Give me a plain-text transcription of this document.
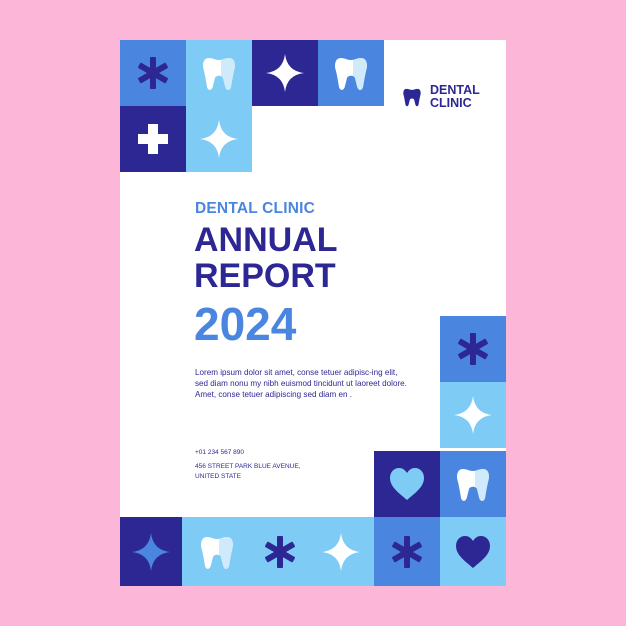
DENTAL CLINIC
DENTAL CLINIC
ANNUAL REPORT
2024
Lorem ipsum dolor sit amet, conse tetuer adipisc-ing elit, sed diam nonu my nibh euismod tincidunt ut laoreet dolore. Amet, conse tetuer adipiscing sed diam en .
+01 234 567 890
456 STREET PARK BLUE AVENUE, UNITED STATE
